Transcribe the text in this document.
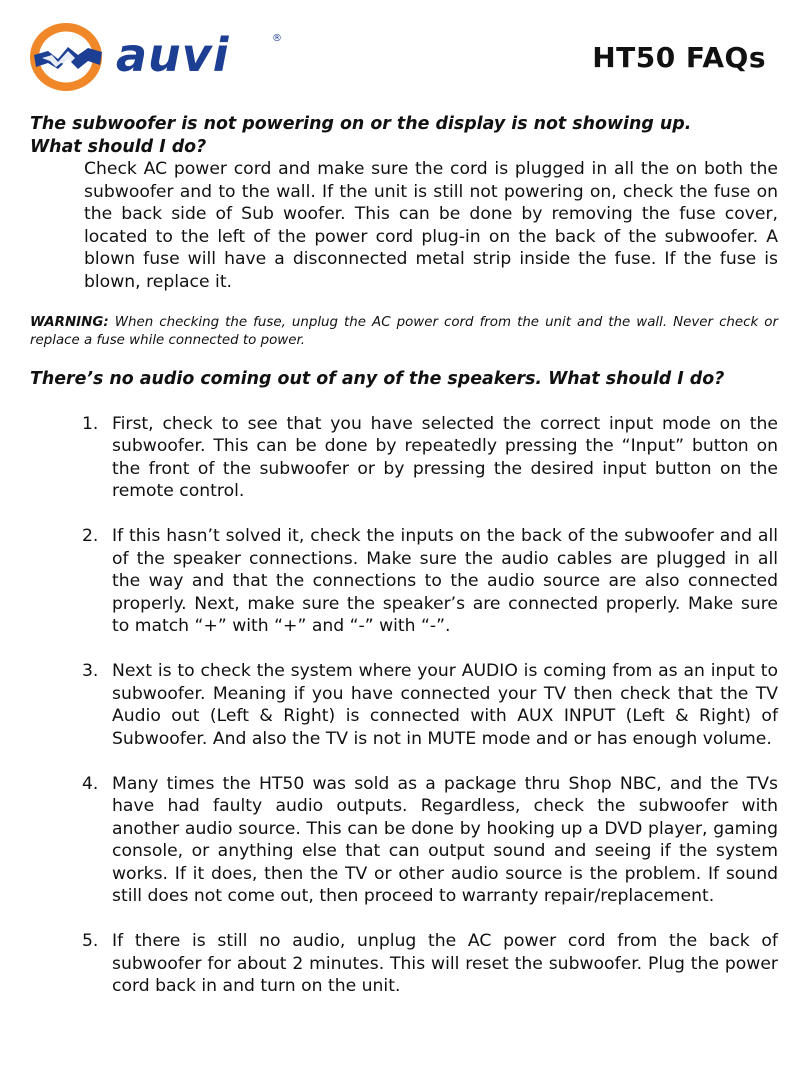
auvi	®
HT50 FAQs

The subwoofer is not powering on or the display is not showing up.
What should I do?

Check AC power cord and make sure the cord is plugged in all the on both the subwoofer and to the wall. If the unit is still not powering on, check the fuse on the back side of Sub woofer. This can be done by removing the fuse cover, located to the left of the power cord plug-in on the back of the subwoofer. A blown fuse will have a disconnected metal strip inside the fuse. If the fuse is blown, replace it.

WARNING: When checking the fuse, unplug the AC power cord from the unit and the wall. Never check or replace a fuse while connected to power.

There’s no audio coming out of any of the speakers. What should I do?

1. First, check to see that you have selected the correct input mode on the subwoofer. This can be done by repeatedly pressing the “Input” button on the front of the subwoofer or by pressing the desired input button on the remote control.
2. If this hasn’t solved it, check the inputs on the back of the subwoofer and all of the speaker connections. Make sure the audio cables are plugged in all the way and that the connections to the audio source are also connected properly. Next, make sure the speaker’s are connected properly. Make sure to match “+” with “+” and “-” with “-”.
3. Next is to check the system where your AUDIO is coming from as an input to subwoofer. Meaning if you have connected your TV then check that the TV Audio out (Left & Right) is connected with AUX INPUT (Left & Right) of Subwoofer. And also the TV is not in MUTE mode and or has enough volume.
4. Many times the HT50 was sold as a package thru Shop NBC, and the TVs have had faulty audio outputs. Regardless, check the subwoofer with another audio source. This can be done by hooking up a DVD player, gaming console, or anything else that can output sound and seeing if the system works. If it does, then the TV or other audio source is the problem. If sound still does not come out, then proceed to warranty repair/replacement.
5. If there is still no audio, unplug the AC power cord from the back of subwoofer for about 2 minutes. This will reset the subwoofer. Plug the power cord back in and turn on the unit.
